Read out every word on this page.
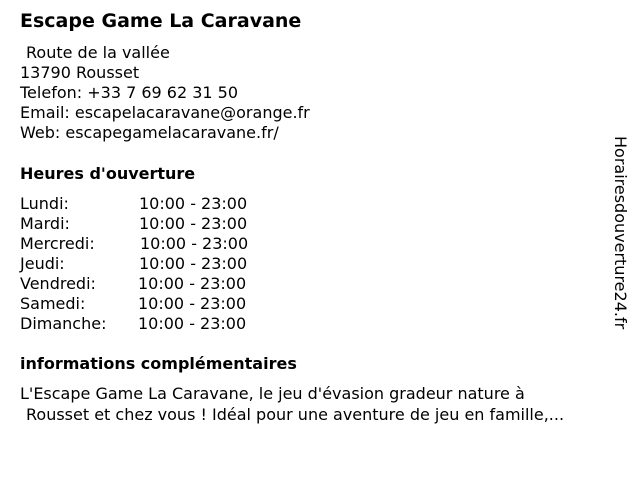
Escape Game La Caravane
Route de la vallée
13790 Rousset
Telefon: +33 7 69 62 31 50
Email: escapelacaravane@orange.fr
Web: escapegamelacaravane.fr/
Heures d'ouverture
Lundi:	10:00 - 23:00
Mardi:	10:00 - 23:00
Mercredi:	10:00 - 23:00
Jeudi:	10:00 - 23:00
Vendredi:	10:00 - 23:00
Samedi:	10:00 - 23:00
Dimanche: 10:00 - 23:00
informations complémentaires
L'Escape Game La Caravane, le jeu d'évasion gradeur nature à
Rousset et chez vous ! Idéal pour une aventure de jeu en famille,...
Horairesdouverture24.fr
